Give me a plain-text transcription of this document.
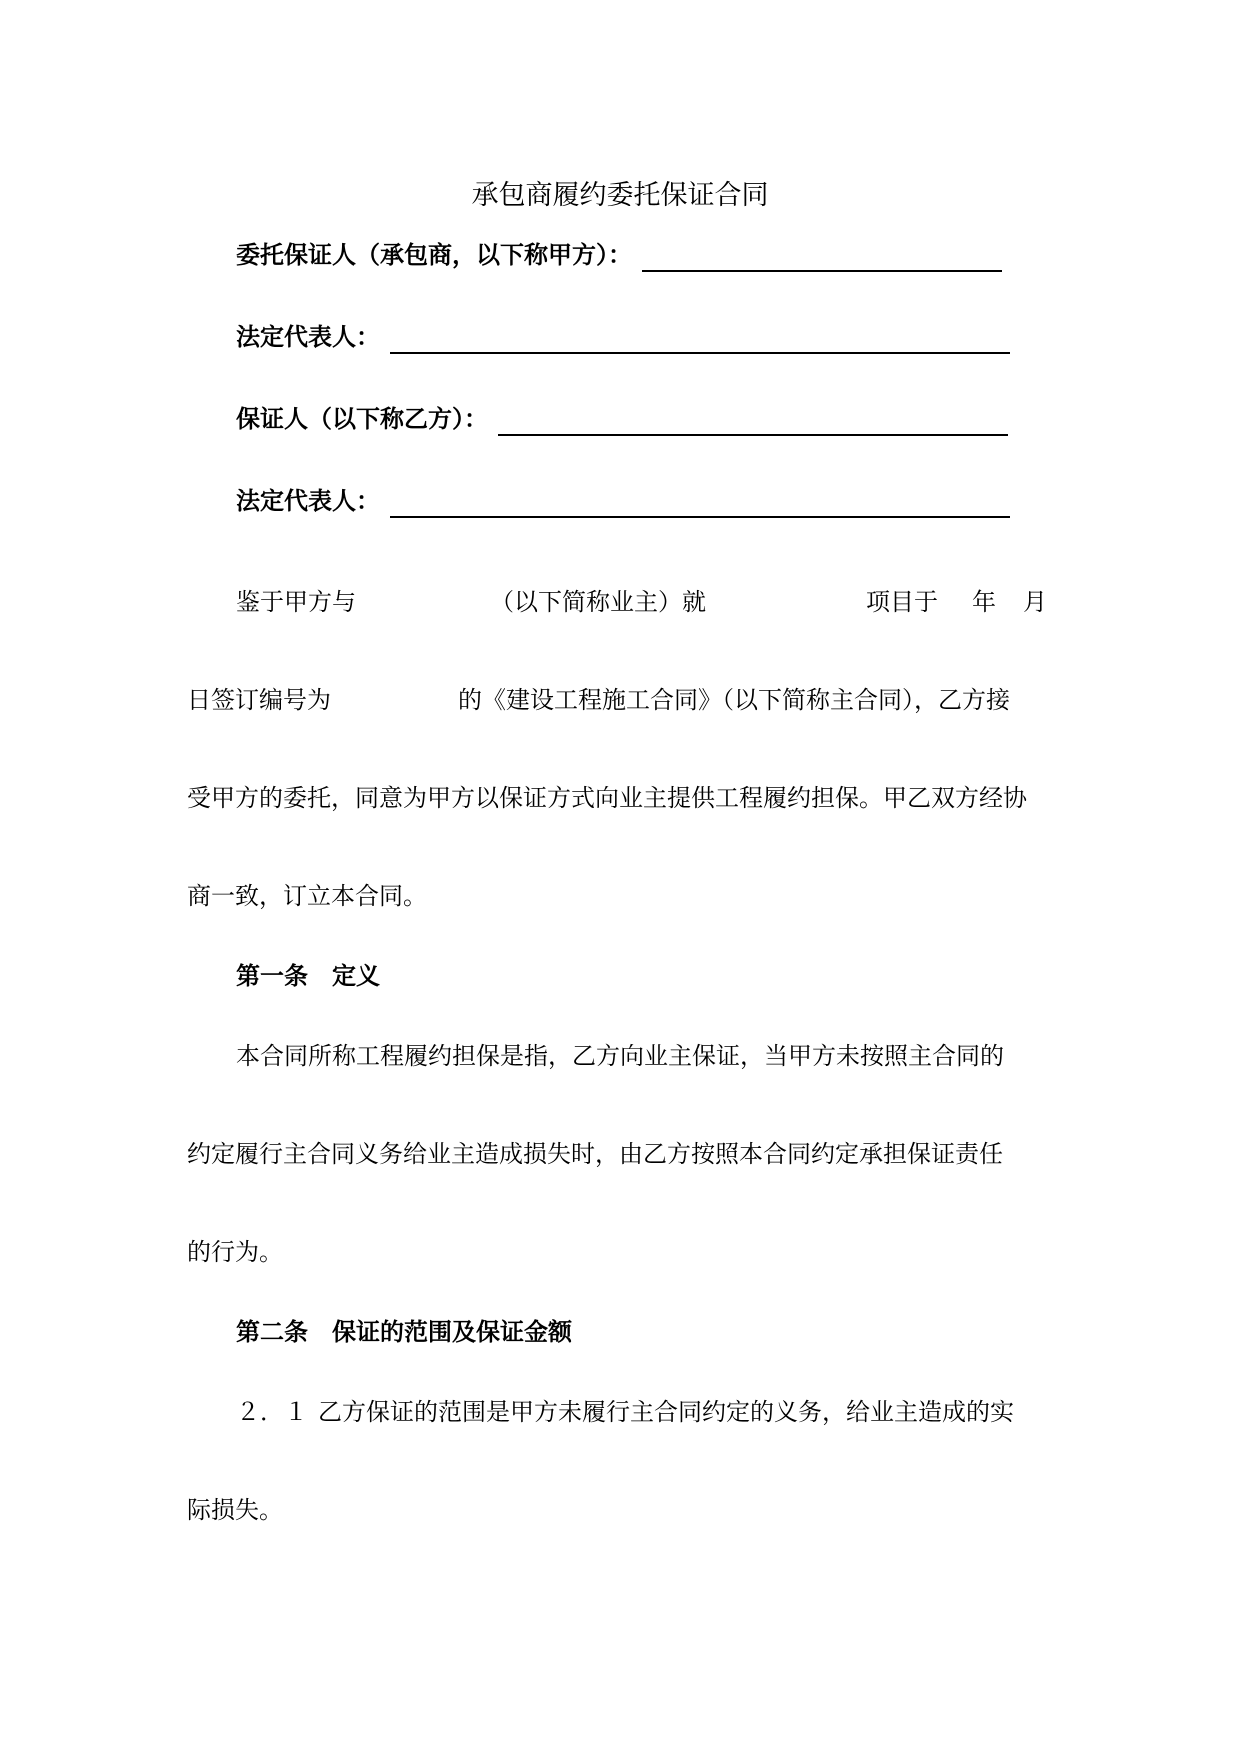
承包商履约委托保证合同
委托保证人（承包商，以下称甲方）：
法定代表人：
保证人（以下称乙方）：
法定代表人：
鉴于甲方与	（以下简称业主）就	项目于 年 月
日签订编号为	的《建设工程施工合同》（以下简称主合同），乙方接
受甲方的委托，同意为甲方以保证方式向业主提供工程履约担保。甲乙双方经协
商一致，订立本合同。
第一条　定义
本合同所称工程履约担保是指，乙方向业主保证，当甲方未按照主合同的
约定履行主合同义务给业主造成损失时，由乙方按照本合同约定承担保证责任
的行为。
第二条　保证的范围及保证金额
２．１ 乙方保证的范围是甲方未履行主合同约定的义务，给业主造成的实
际损失。
